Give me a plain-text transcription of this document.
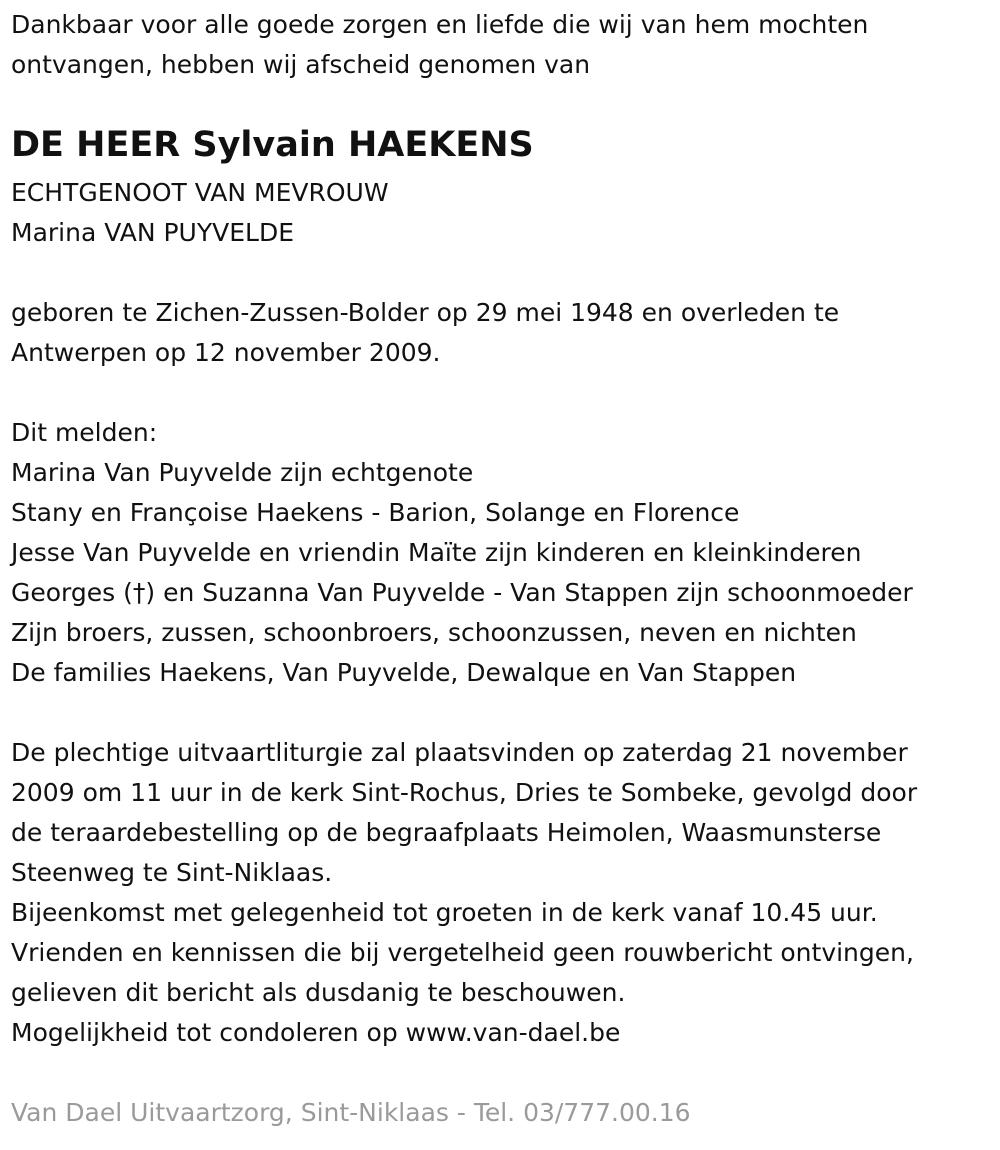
Dankbaar voor alle goede zorgen en liefde die wij van hem mochten
ontvangen, hebben wij afscheid genomen van
DE HEER Sylvain HAEKENS
ECHTGENOOT VAN MEVROUW
Marina VAN PUYVELDE
geboren te Zichen-Zussen-Bolder op 29 mei 1948 en overleden te
Antwerpen op 12 november 2009.
Dit melden:
Marina Van Puyvelde zijn echtgenote
Stany en Françoise Haekens - Barion, Solange en Florence
Jesse Van Puyvelde en vriendin Maïte zijn kinderen en kleinkinderen
Georges (†) en Suzanna Van Puyvelde - Van Stappen zijn schoonmoeder
Zijn broers, zussen, schoonbroers, schoonzussen, neven en nichten
De families Haekens, Van Puyvelde, Dewalque en Van Stappen
De plechtige uitvaartliturgie zal plaatsvinden op zaterdag 21 november
2009 om 11 uur in de kerk Sint-Rochus, Dries te Sombeke, gevolgd door
de teraardebestelling op de begraafplaats Heimolen, Waasmunsterse
Steenweg te Sint-Niklaas.
Bijeenkomst met gelegenheid tot groeten in de kerk vanaf 10.45 uur.
Vrienden en kennissen die bij vergetelheid geen rouwbericht ontvingen,
gelieven dit bericht als dusdanig te beschouwen.
Mogelijkheid tot condoleren op www.van-dael.be
Van Dael Uitvaartzorg, Sint-Niklaas - Tel. 03/777.00.16
